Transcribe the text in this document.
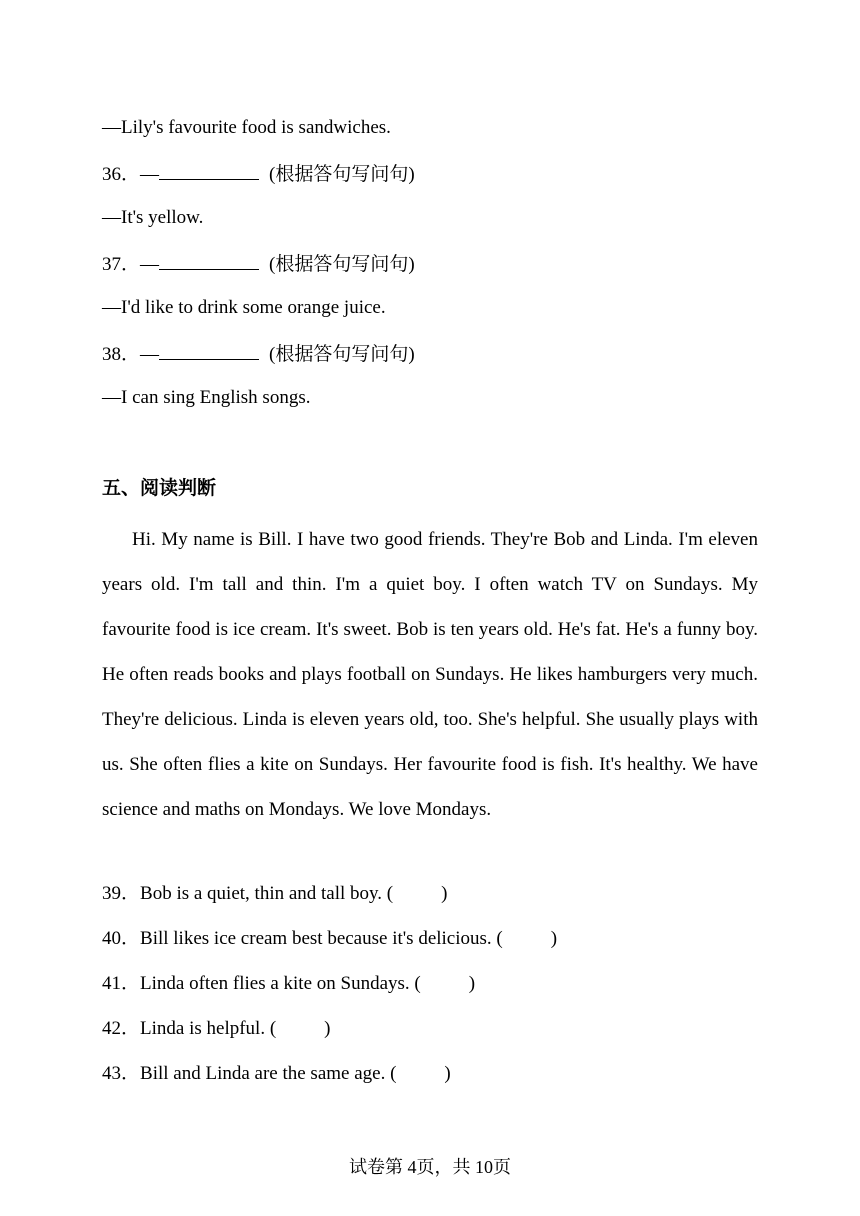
—Lily's favourite food is sandwiches.
36．—	(根据答句写问句)
—It's yellow.
37．—	(根据答句写问句)
—I'd like to drink some orange juice.
38．—	(根据答句写问句)
—I can sing English songs.
五、阅读判断

Hi. My name is Bill. I have two good friends. They're Bob and Linda. I'm eleven years old. I'm tall and thin. I'm a quiet boy. I often watch TV on Sundays. My favourite food is ice cream. It's sweet. Bob is ten years old. He's fat. He's a funny boy. He often reads books and plays football on Sundays. He likes hamburgers very much. They're delicious. Linda is eleven years old, too. She's helpful. She usually plays with us. She often flies a kite on Sundays. Her favourite food is fish. It's healthy. We have science and maths on Mondays. We love Mondays.

39．Bob is a quiet, thin and tall boy. (	)
40．Bill likes ice cream best because it's delicious. (	)
41．Linda often flies a kite on Sundays. (	)
42．Linda is helpful. (	)
43．Bill and Linda are the same age. (	)
试卷第 4页，共 10页
